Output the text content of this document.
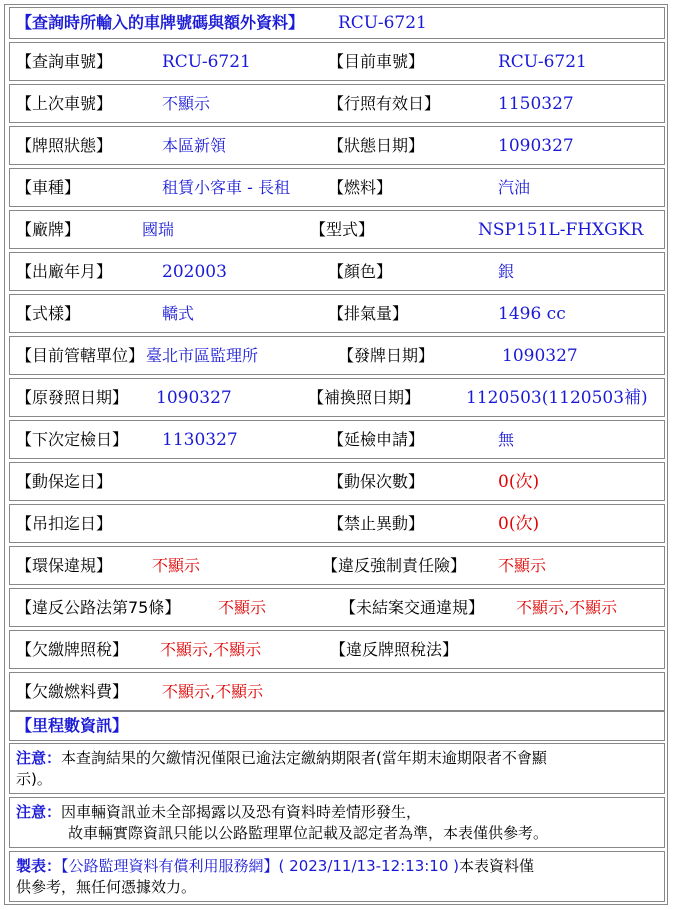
【查詢時所輸入的車牌號碼與額外資料】 RCU-6721
【查詢車號】	RCU-6721	【目前車號】	RCU-6721
【上次車號】	不顯示	【行照有效日】	1150327
【牌照狀態】	本區新領	【狀態日期】	1090327
【車種】	租賃小客車 - 長租 【燃料】	汽油
【廠牌】	國瑞	【型式】	NSP151L-FHXGKR
【出廠年月】	202003	【顏色】	銀
【式樣】	轎式	【排氣量】	1496 cc
【目前管轄單位】 臺北市區監理所	【發牌日期】	1090327
【原發照日期】 1090327	【補換照日期】	1120503(1120503補)
【下次定檢日】 1130327	【延檢申請】	無
【動保迄日】	【動保次數】	0(次)
【吊扣迄日】	【禁止異動】	0(次)
【環保違規】 不顯示	【違反強制責任險】 不顯示
【違反公路法第75條】 不顯示	【未結案交通違規】 不顯示,不顯示
【欠繳牌照稅】 不顯示,不顯示	【違反牌照稅法】
【欠繳燃料費】 不顯示,不顯示
【里程數資訊】
注意：本查詢結果的欠繳情況僅限已逾法定繳納期限者(當年期末逾期限者不會顯
示)。
注意：因車輛資訊並未全部揭露以及恐有資料時差情形發生，
故車輛實際資訊只能以公路監理單位記載及認定者為準，本表僅供參考。
製表：【公路監理資料有償利用服務網】( 2023/11/13-12:13:10 )本表資料僅
供參考，無任何憑據效力。
